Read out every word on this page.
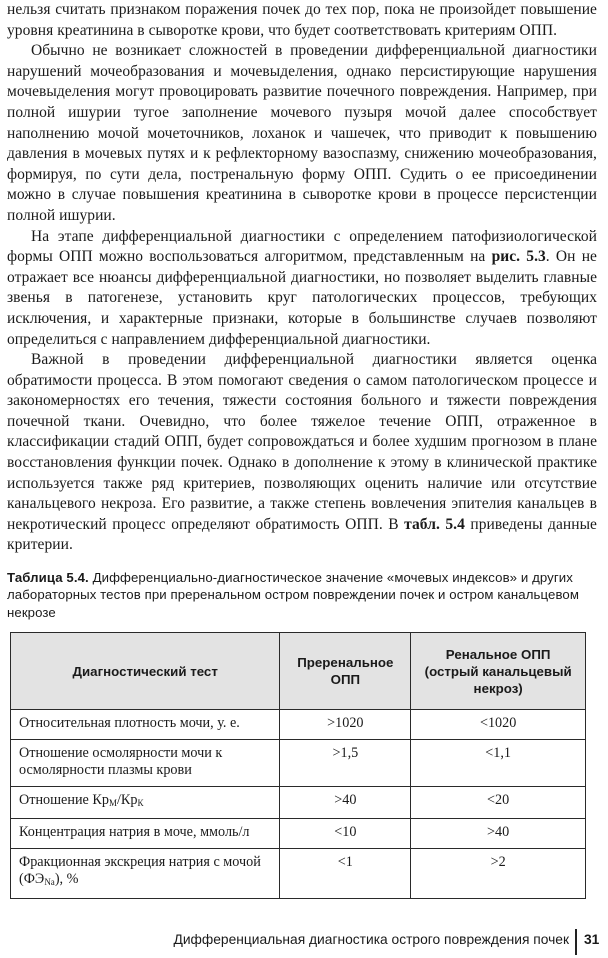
нельзя считать признаком поражения почек до тех пор, пока не произойдет повышение уровня креатинина в сыворотке крови, что будет соответствовать критериям ОПП.

Обычно не возникает сложностей в проведении дифференциальной диагностики нарушений мочеобразования и мочевыделения, однако персистирующие нарушения мочевыделения могут провоцировать развитие почечного повреждения. Например, при полной ишурии тугое заполнение мочевого пузыря мочой далее способствует наполнению мочой мочеточников, лоханок и чашечек, что приводит к повышению давления в мочевых путях и к рефлекторному вазоспазму, снижению мочеобразования, формируя, по сути дела, постренальную форму ОПП. Судить о ее присоединении можно в случае повышения креатинина в сыворотке крови в процессе персистенции полной ишурии.

На этапе дифференциальной диагностики с определением патофизиологической формы ОПП можно воспользоваться алгоритмом, представленным на рис. 5.3. Он не отражает все нюансы дифференциальной диагностики, но позволяет выделить главные звенья в патогенезе, установить круг патологических процессов, требующих исключения, и характерные признаки, которые в большинстве случаев позволяют определиться с направлением дифференциальной диагностики.

Важной в проведении дифференциальной диагностики является оценка обратимости процесса. В этом помогают сведения о самом патологическом процессе и закономерностях его течения, тяжести состояния больного и тяжести повреждения почечной ткани. Очевидно, что более тяжелое течение ОПП, отраженное в классификации стадий ОПП, будет сопровождаться и более худшим прогнозом в плане восстановления функции почек. Однако в дополнение к этому в клинической практике используется также ряд критериев, позволяющих оценить наличие или отсутствие канальцевого некроза. Его развитие, а также степень вовлечения эпителия канальцев в некротический процесс определяют обратимость ОПП. В табл. 5.4 приведены данные критерии.

Таблица 5.4. Дифференциально-диагностическое значение «мочевых индексов» и других лабораторных тестов при преренальном остром повреждении почек и остром канальцевом некрозе
Диагностический тест	Преренальное ОПП	Ренальное ОПП (острый канальцевый некроз)
Относительная плотность мочи, у. е.	>1020	<1020
Отношение осмолярности мочи к осмолярности плазмы крови	>1,5	<1,1
Отношение $Кр_М/Кр_К$	>40	<20
Концентрация натрия в моче, ммоль/л	<10	>40
Фракционная экскреция натрия с мочой $(ФЭ_{Na})$, %	<1	>2
Дифференциальная диагностика острого повреждения почек 31
